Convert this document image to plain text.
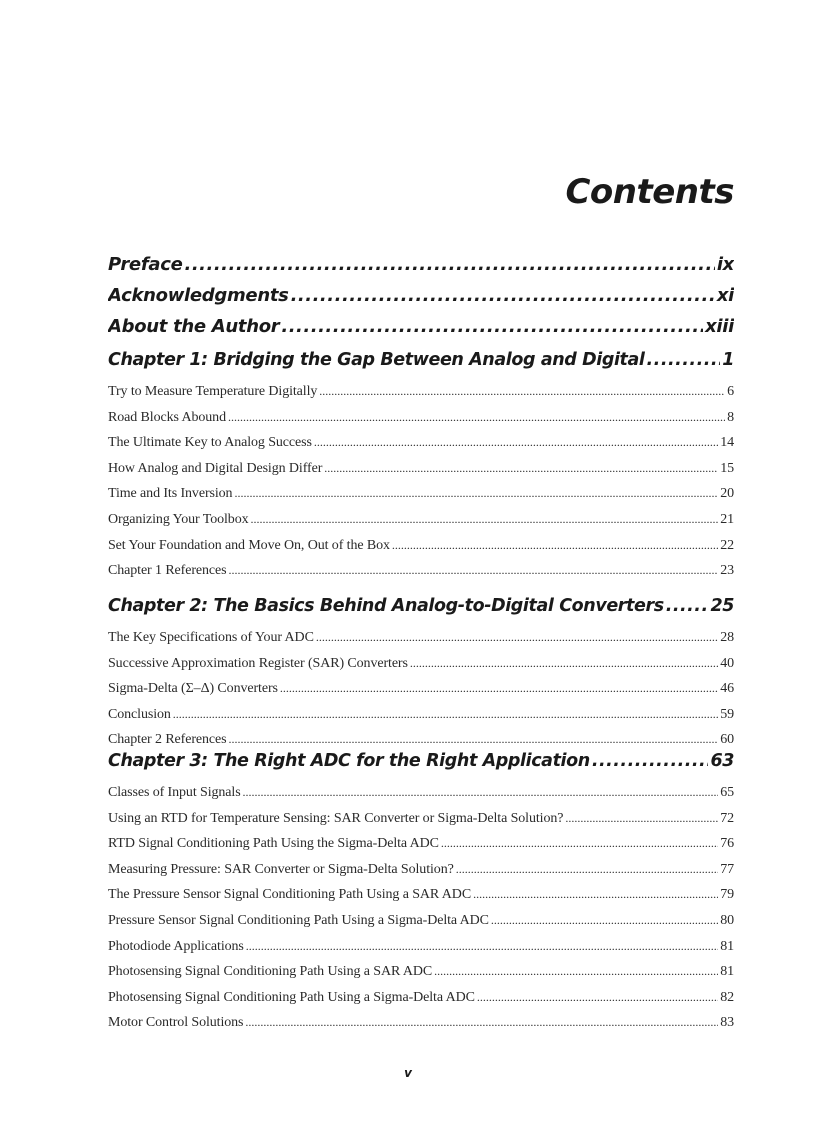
Contents
Preface .....	ix
Acknowledgments .....	xi
About the Author .....	xiii
Chapter 1: Bridging the Gap Between Analog and Digital .....	1
Try to Measure Temperature Digitally .....	6
Road Blocks Abound .....	8
The Ultimate Key to Analog Success .....	14
How Analog and Digital Design Differ .....	15
Time and Its Inversion .....	20
Organizing Your Toolbox .....	21
Set Your Foundation and Move On, Out of the Box .....	22
Chapter 1 References .....	23
Chapter 2: The Basics Behind Analog-to-Digital Converters .....	25
The Key Specifications of Your ADC .....	28
Successive Approximation Register (SAR) Converters .....	40
Sigma-Delta (Σ–Δ) Converters .....	46
Conclusion .....	59
Chapter 2 References .....	60
Chapter 3: The Right ADC for the Right Application .....	63
Classes of Input Signals .....	65
Using an RTD for Temperature Sensing: SAR Converter or Sigma-Delta Solution? .....	72
RTD Signal Conditioning Path Using the Sigma-Delta ADC .....	76
Measuring Pressure: SAR Converter or Sigma-Delta Solution? .....	77
The Pressure Sensor Signal Conditioning Path Using a SAR ADC .....	79
Pressure Sensor Signal Conditioning Path Using a Sigma-Delta ADC .....	80
Photodiode Applications .....	81
Photosensing Signal Conditioning Path Using a SAR ADC .....	81
Photosensing Signal Conditioning Path Using a Sigma-Delta ADC .....	82
Motor Control Solutions .....	83
v
